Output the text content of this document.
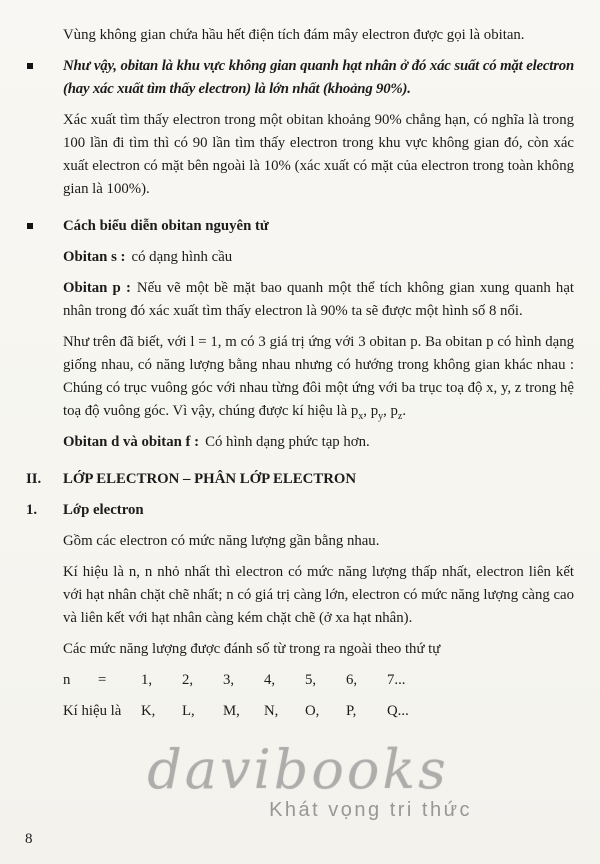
Vùng không gian chứa hầu hết điện tích đám mây electron được gọi là obitan.

Như vậy, obitan là khu vực không gian quanh hạt nhân ở đó xác suất có mặt electron (hay xác xuất tìm thấy electron) là lớn nhất (khoảng 90%).

Xác xuất tìm thấy electron trong một obitan khoảng 90% chẳng hạn, có nghĩa là trong 100 lần đi tìm thì có 90 lần tìm thấy electron trong khu vực không gian đó, còn xác xuất electron có mặt bên ngoài là 10% (xác xuất có mặt của electron trong toàn không gian là 100%).

Cách biểu diễn obitan nguyên tử

Obitan s : có dạng hình cầu

Obitan p : Nếu vẽ một bề mặt bao quanh một thể tích không gian xung quanh hạt nhân trong đó xác xuất tìm thấy electron là 90% ta sẽ được một hình số 8 nổi.

Như trên đã biết, với l = 1, m có 3 giá trị ứng với 3 obitan p. Ba obitan p có hình dạng giống nhau, có năng lượng bằng nhau nhưng có hướng trong không gian khác nhau : Chúng có trục vuông góc với nhau từng đôi một ứng với ba trục toạ độ x, y, z trong hệ toạ độ vuông góc. Vì vậy, chúng được kí hiệu là $p_x$, $p_y$, $p_z$.

Obitan d và obitan f : Có hình dạng phức tạp hơn.

II. LỚP ELECTRON – PHÂN LỚP ELECTRON

1. Lớp electron

Gồm các electron có mức năng lượng gần bằng nhau.

Kí hiệu là n, n nhỏ nhất thì electron có mức năng lượng thấp nhất, electron liên kết với hạt nhân chặt chẽ nhất; n có giá trị càng lớn, electron có mức năng lượng càng cao và liên kết với hạt nhân càng kém chặt chẽ (ở xa hạt nhân).

Các mức năng lượng được đánh số từ trong ra ngoài theo thứ tự

n = 1, 2, 3, 4, 5, 6, 7...
Kí hiệu là K, L, M, N, O, P, Q...
davibooks
Khát vọng tri thức
8
